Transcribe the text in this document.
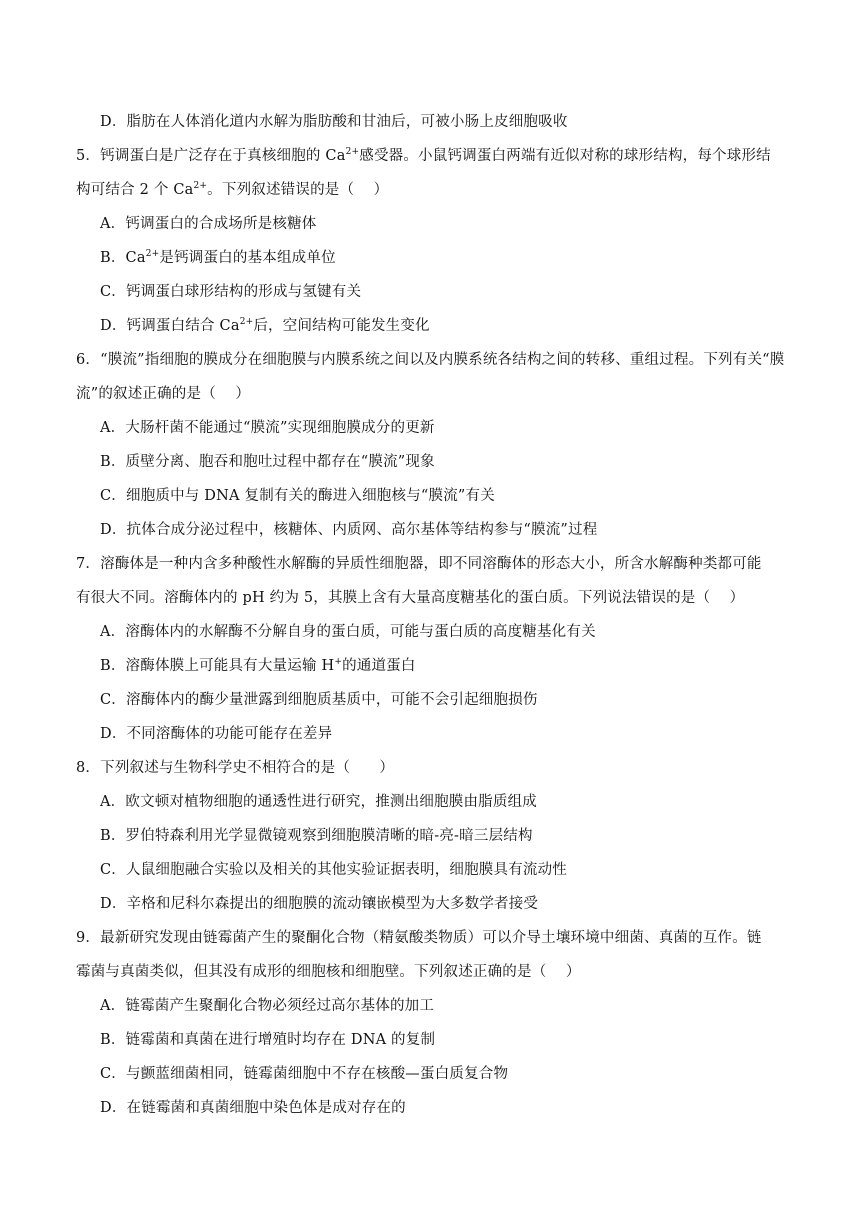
D．脂肪在人体消化道内水解为脂肪酸和甘油后，可被小肠上皮细胞吸收
5．钙调蛋白是广泛存在于真核细胞的 $Ca^{2+}$感受器。小鼠钙调蛋白两端有近似对称的球形结构，每个球形结
构可结合 2 个 $Ca^{2+}$。下列叙述错误的是（　 ）
A．钙调蛋白的合成场所是核糖体
B．$Ca^{2+}$是钙调蛋白的基本组成单位
C．钙调蛋白球形结构的形成与氢键有关
D．钙调蛋白结合 $Ca^{2+}$后，空间结构可能发生变化
6．“膜流”指细胞的膜成分在细胞膜与内膜系统之间以及内膜系统各结构之间的转移、重组过程。下列有关“膜
流”的叙述正确的是（　 ）
A．大肠杆菌不能通过“膜流”实现细胞膜成分的更新
B．质壁分离、胞吞和胞吐过程中都存在“膜流”现象
C．细胞质中与 DNA 复制有关的酶进入细胞核与“膜流”有关
D．抗体合成分泌过程中，核糖体、内质网、高尔基体等结构参与“膜流”过程
7．溶酶体是一种内含多种酸性水解酶的异质性细胞器，即不同溶酶体的形态大小，所含水解酶种类都可能
有很大不同。溶酶体内的 pH 约为 5，其膜上含有大量高度糖基化的蛋白质。下列说法错误的是（　 ）
A．溶酶体内的水解酶不分解自身的蛋白质，可能与蛋白质的高度糖基化有关
B．溶酶体膜上可能具有大量运输 H+的通道蛋白
C．溶酶体内的酶少量泄露到细胞质基质中，可能不会引起细胞损伤
D．不同溶酶体的功能可能存在差异
8．下列叙述与生物科学史不相符合的是（　　）
A．欧文顿对植物细胞的通透性进行研究，推测出细胞膜由脂质组成
B．罗伯特森利用光学显微镜观察到细胞膜清晰的暗-亮-暗三层结构
C．人鼠细胞融合实验以及相关的其他实验证据表明，细胞膜具有流动性
D．辛格和尼科尔森提出的细胞膜的流动镶嵌模型为大多数学者接受
9．最新研究发现由链霉菌产生的聚酮化合物（精氨酸类物质）可以介导土壤环境中细菌、真菌的互作。链
霉菌与真菌类似，但其没有成形的细胞核和细胞壁。下列叙述正确的是（　 ）
A．链霉菌产生聚酮化合物必须经过高尔基体的加工
B．链霉菌和真菌在进行增殖时均存在 DNA 的复制
C．与颤蓝细菌相同，链霉菌细胞中不存在核酸—蛋白质复合物
D．在链霉菌和真菌细胞中染色体是成对存在的
